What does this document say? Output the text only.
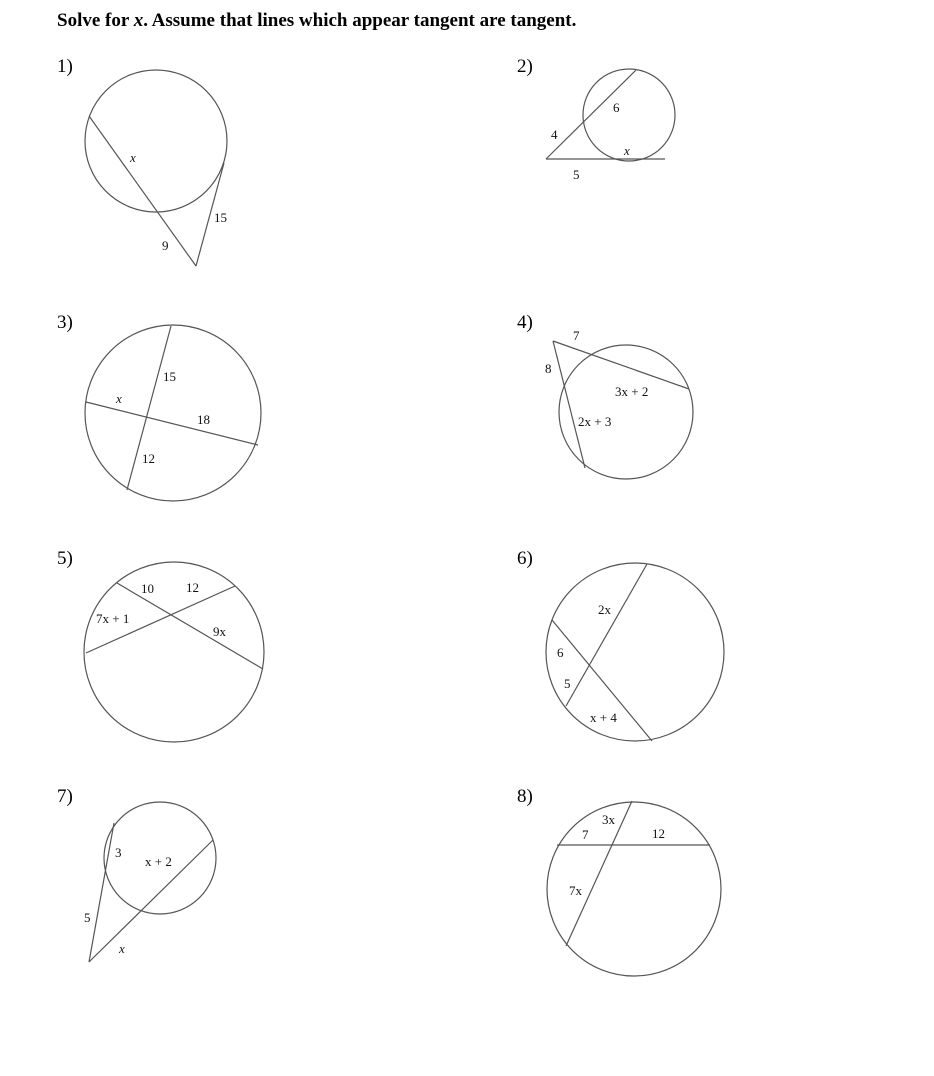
Solve for x. Assume that lines which appear tangent are tangent.
1)	2)
3)	4)
5)	6)
7)	8)
x
9
15
6
4
x
5
15
x
18
12
7
8
3x + 2
2x + 3
10 12
7x + 1
9x
2x
6
5
x + 4
3
x + 2
5
x
3x
7	12
7x
